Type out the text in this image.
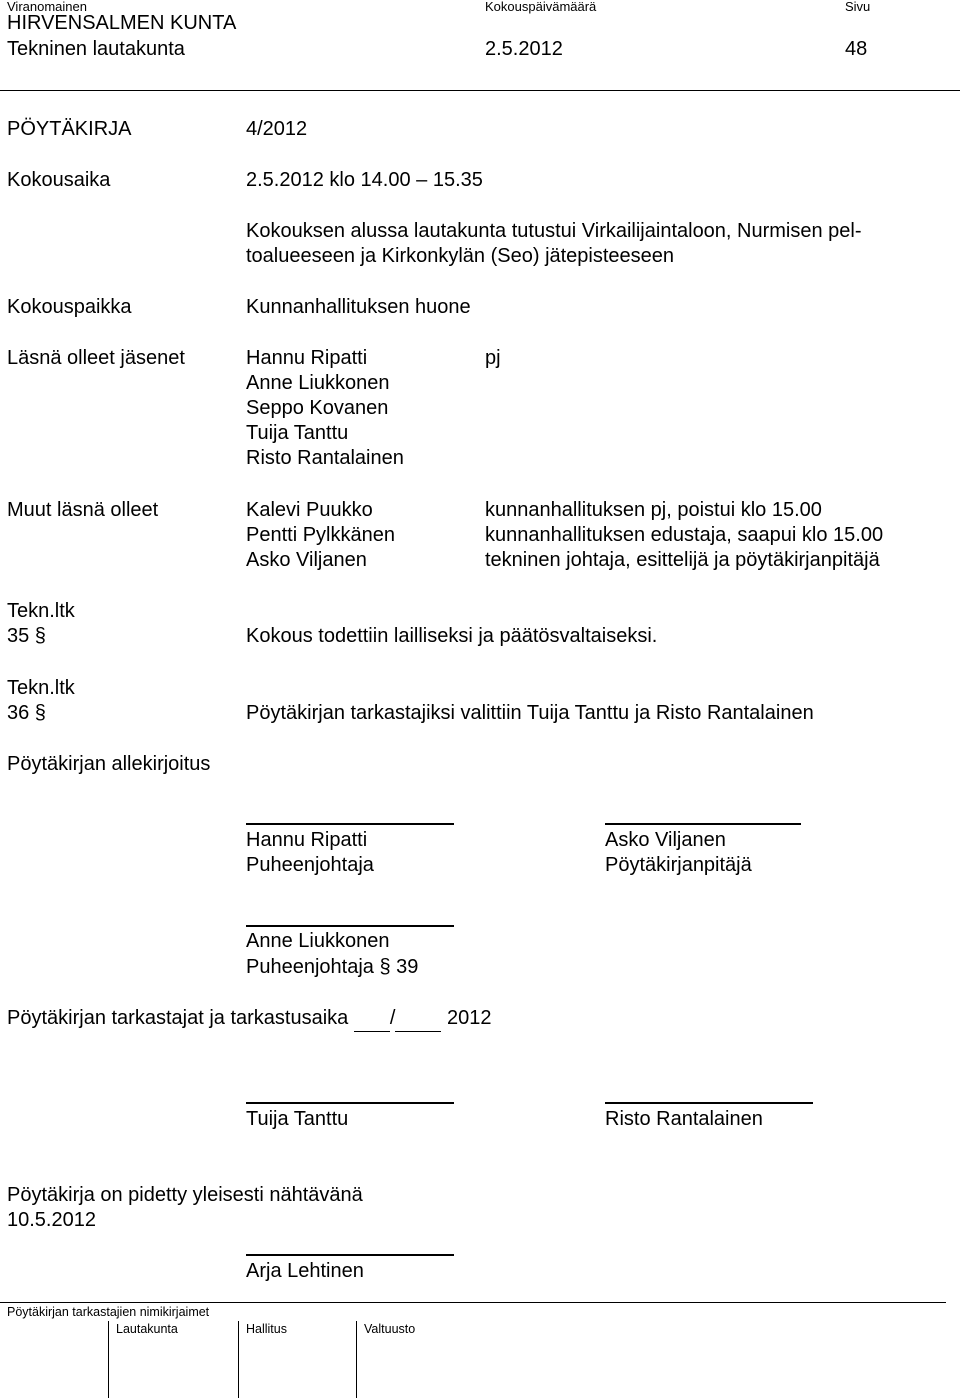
Viranomainen	Kokouspäivämäärä	Sivu
HIRVENSALMEN KUNTA
Tekninen lautakunta	2.5.2012	48
PÖYTÄKIRJA	4/2012
Kokousaika	2.5.2012 klo 14.00 – 15.35
Kokouksen alussa lautakunta tutustui Virkailijaintaloon, Nurmisen pel-
toalueeseen ja Kirkonkylän (Seo) jätepisteeseen
Kokouspaikka	Kunnanhallituksen huone
Läsnä olleet jäsenet	Hannu Ripatti	pj
Anne Liukkonen
Seppo Kovanen
Tuija Tanttu
Risto Rantalainen
Muut läsnä olleet	Kalevi Puukko	kunnanhallituksen pj, poistui klo 15.00
Pentti Pylkkänen	kunnanhallituksen edustaja, saapui klo 15.00
Asko Viljanen	tekninen johtaja, esittelijä ja pöytäkirjanpitäjä
Tekn.ltk
35 §	Kokous todettiin lailliseksi ja päätösvaltaiseksi.
Tekn.ltk
36 §	Pöytäkirjan tarkastajiksi valittiin Tuija Tanttu ja Risto Rantalainen
Pöytäkirjan allekirjoitus
Hannu Ripatti	Asko Viljanen
Puheenjohtaja	Pöytäkirjanpitäjä
Anne Liukkonen
Puheenjohtaja § 39
Pöytäkirjan tarkastajat ja tarkastusaika /	2012
Tuija Tanttu	Risto Rantalainen
Pöytäkirja on pidetty yleisesti nähtävänä
10.5.2012
Arja Lehtinen
Pöytäkirjan tarkastajien nimikirjaimet
Lautakunta	Hallitus	Valtuusto
